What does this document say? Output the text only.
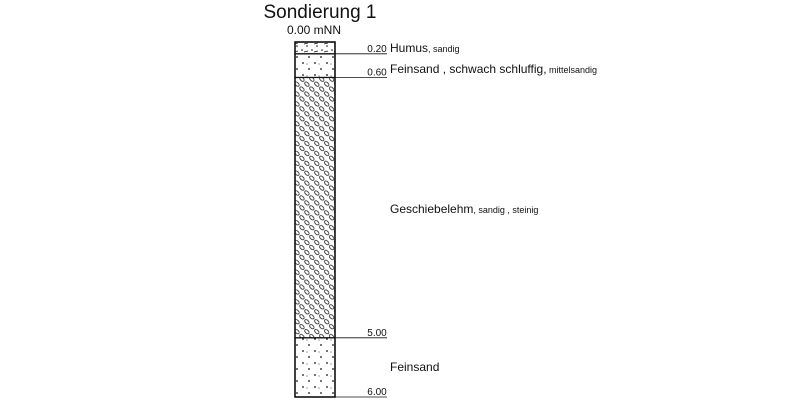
Sondierung 1
0.00 mNN
0.20
0.60
5.00
6.00
Humus, sandig
Feinsand , schwach schluffig, mittelsandig
Geschiebelehm, sandig , steinig
Feinsand
